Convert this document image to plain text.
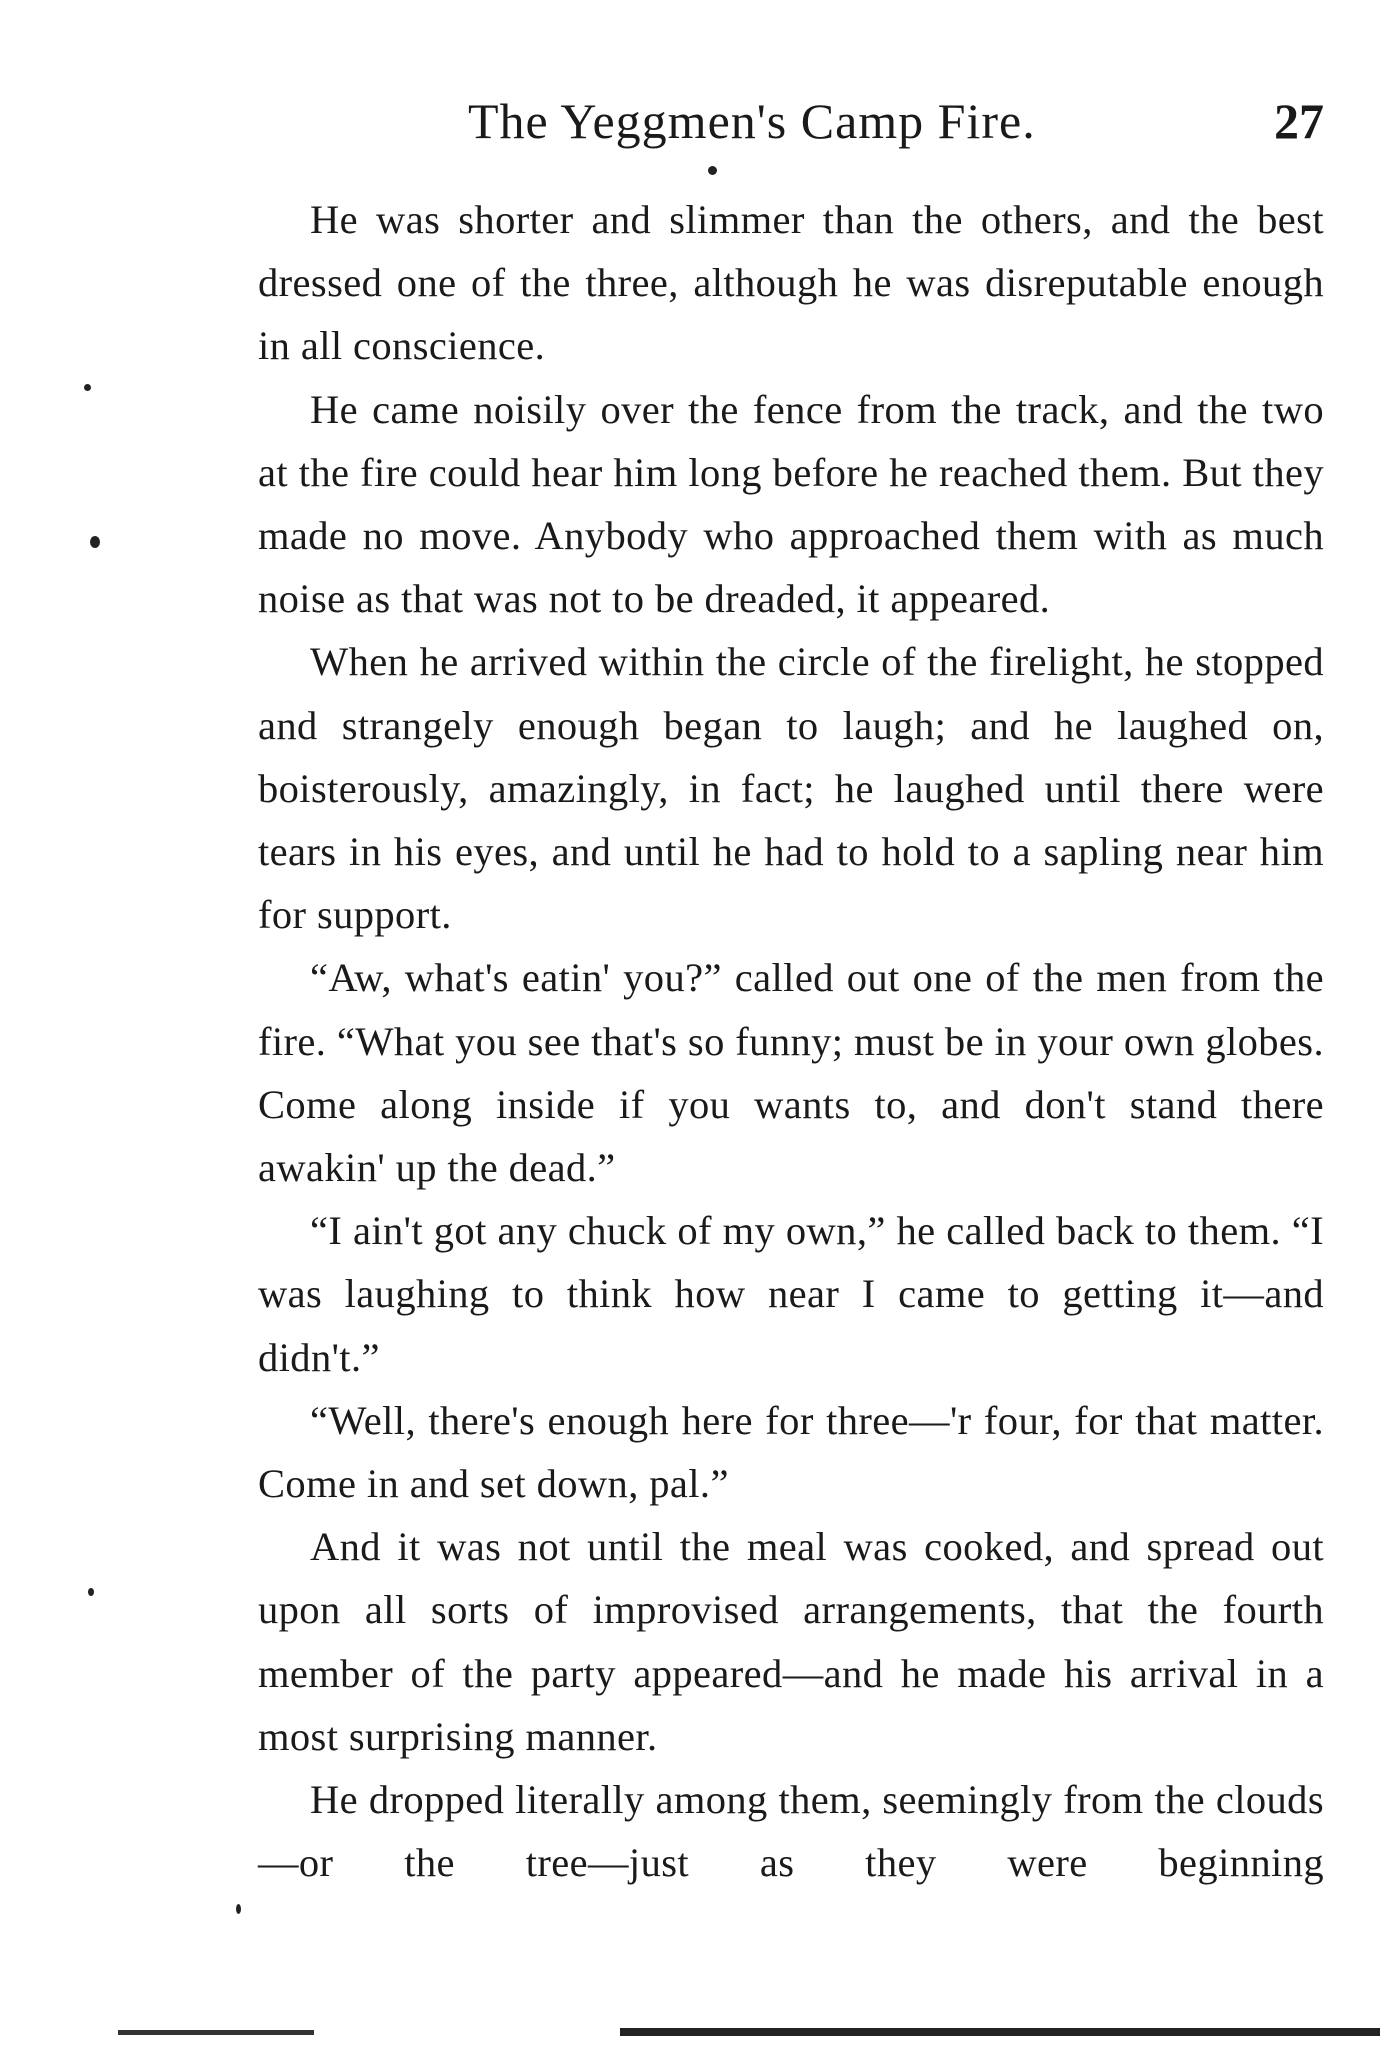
The Yeggmen's Camp Fire.	27

He was shorter and slimmer than the others, and the best dressed one of the three, although he was disreputable enough in all conscience.

He came noisily over the fence from the track, and the two at the fire could hear him long before he reached them. But they made no move. Anybody who approached them with as much noise as that was not to be dreaded, it appeared.

When he arrived within the circle of the firelight, he stopped and strangely enough began to laugh; and he laughed on, boisterously, amazingly, in fact; he laughed until there were tears in his eyes, and until he had to hold to a sapling near him for support.

“Aw, what's eatin' you?” called out one of the men from the fire. “What you see that's so funny; must be in your own globes. Come along inside if you wants to, and don't stand there awakin' up the dead.”

“I ain't got any chuck of my own,” he called back to them. “I was laughing to think how near I came to getting it—and didn't.”

“Well, there's enough here for three—'r four, for that matter. Come in and set down, pal.”

And it was not until the meal was cooked, and spread out upon all sorts of improvised arrangements, that the fourth member of the party appeared—and he made his arrival in a most surprising manner.

He dropped literally among them, seemingly from the clouds—or the tree—just as they were beginning
